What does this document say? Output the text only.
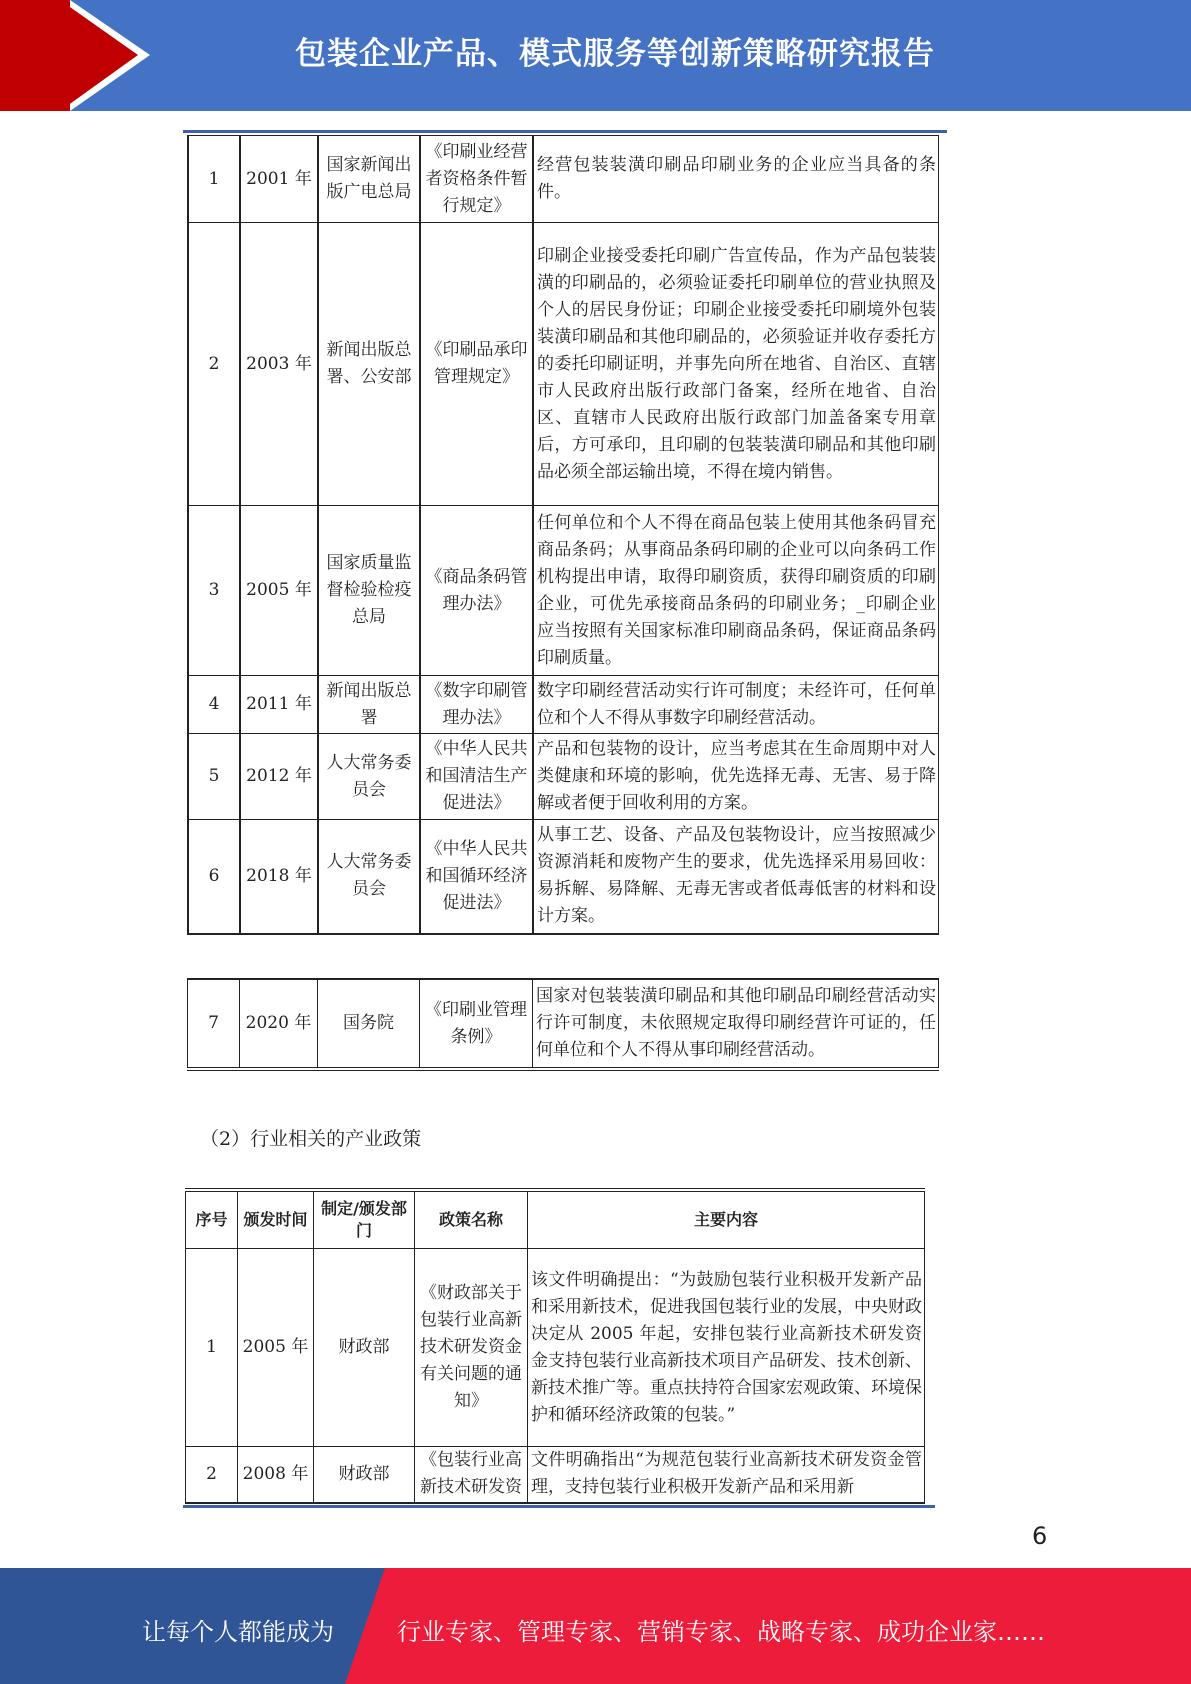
包装企业产品、模式服务等创新策略研究报告
1	2001 年	国家新闻出版广电总局	《印刷业经营者资格条件暂行规定》	经营包装装潢印刷品印刷业务的企业应当具备的条件。
2	2003 年	新闻出版总署、公安部	《印刷品承印管理规定》	印刷企业接受委托印刷广告宣传品，作为产品包装装潢的印刷品的，必须验证委托印刷单位的营业执照及个人的居民身份证；印刷企业接受委托印刷境外包装装潢印刷品和其他印刷品的，必须验证并收存委托方的委托印刷证明，并事先向所在地省、自治区、直辖市人民政府出版行政部门备案，经所在地省、自治区、直辖市人民政府出版行政部门加盖备案专用章后，方可承印，且印刷的包装装潢印刷品和其他印刷品必须全部运输出境，不得在境内销售。
3	2005 年	国家质量监督检验检疫总局	《商品条码管理办法》	任何单位和个人不得在商品包装上使用其他条码冒充商品条码；从事商品条码印刷的企业可以向条码工作机构提出申请，取得印刷资质，获得印刷资质的印刷企业，可优先承接商品条码的印刷业务；_印刷企业应当按照有关国家标准印刷商品条码，保证商品条码印刷质量。
4	2011 年	新闻出版总署	《数字印刷管理办法》	数字印刷经营活动实行许可制度；未经许可，任何单位和个人不得从事数字印刷经营活动。
5	2012 年	人大常务委员会	《中华人民共和国清洁生产促进法》	产品和包装物的设计，应当考虑其在生命周期中对人类健康和环境的影响，优先选择无毒、无害、易于降解或者便于回收利用的方案。
6	2018 年	人大常务委员会	《中华人民共和国循环经济促进法》	从事工艺、设备、产品及包装物设计，应当按照减少资源消耗和废物产生的要求，优先选择采用易回收：易拆解、易降解、无毒无害或者低毒低害的材料和设计方案。
7	2020 年	国务院	《印刷业管理条例》	国家对包装装潢印刷品和其他印刷品印刷经营活动实行许可制度，未依照规定取得印刷经营许可证的，任何单位和个人不得从事印刷经营活动。
（2）行业相关的产业政策
序号	颁发时间	制定/颁发部门	政策名称	主要内容
1	2005 年	财政部	《财政部关于包装行业高新技术研发资金有关问题的通知》	该文件明确提出：“为鼓励包装行业积极开发新产品和采用新技术，促进我国包装行业的发展，中央财政决定从 2005 年起，安排包装行业高新技术研发资金支持包装行业高新技术项目产品研发、技术创新、新技术推广等。重点扶持符合国家宏观政策、环境保护和循环经济政策的包装。”
2	2008 年	财政部	《包装行业高新技术研发资	文件明确指出“为规范包装行业高新技术研发资金管理，支持包装行业积极开发新产品和采用新
6
让每个人都能成为	行业专家、管理专家、营销专家、战略专家、成功企业家……
